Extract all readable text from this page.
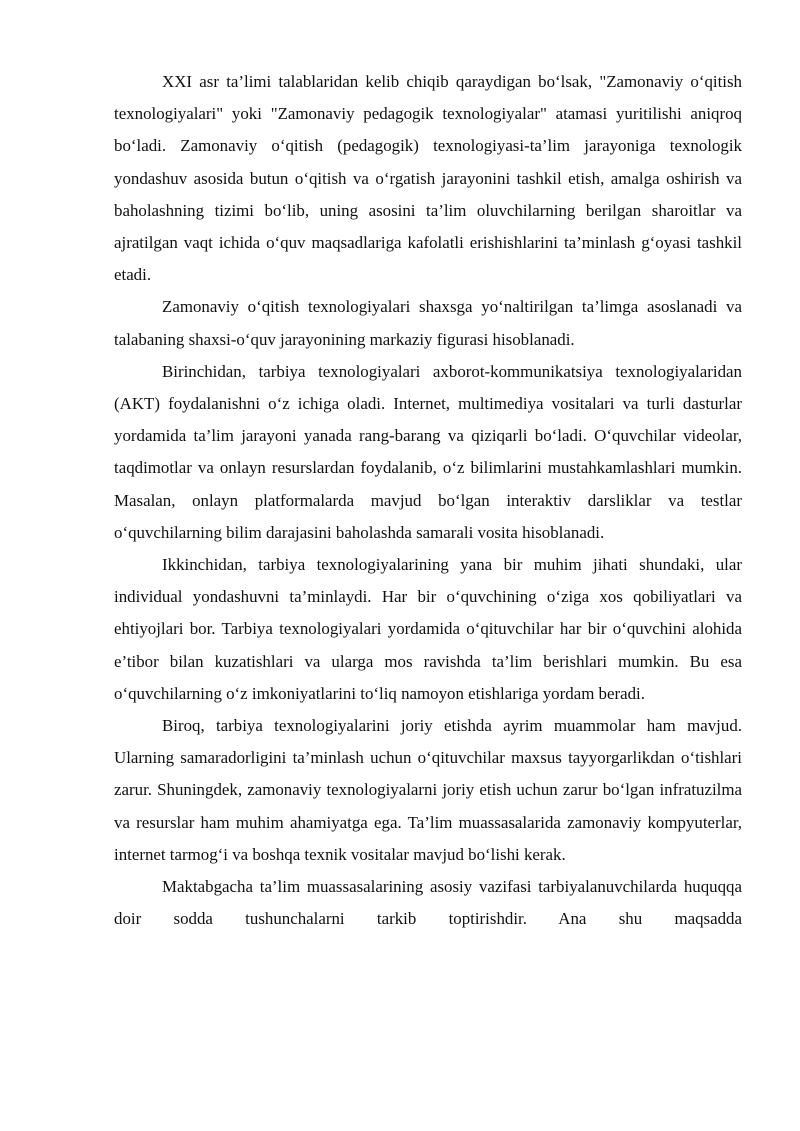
XXI asr ta’limi talablaridan kelib chiqib qaraydigan bo‘lsak, "Zamonaviy o‘qitish texnologiyalari" yoki "Zamonaviy pedagogik texnologiyalar" atamasi yuritilishi aniqroq bo‘ladi. Zamonaviy o‘qitish (pedagogik) texnologiyasi-ta’lim jarayoniga texnologik yondashuv asosida butun o‘qitish va o‘rgatish jarayonini tashkil etish, amalga oshirish va baholashning tizimi bo‘lib, uning asosini ta’lim oluvchilarning berilgan sharoitlar va ajratilgan vaqt ichida o‘quv maqsadlariga kafolatli erishishlarini ta’minlash g‘oyasi tashkil etadi.

Zamonaviy o‘qitish texnologiyalari shaxsga yo‘naltirilgan ta’limga asoslanadi va talabaning shaxsi-o‘quv jarayonining markaziy figurasi hisoblanadi.

Birinchidan, tarbiya texnologiyalari axborot-kommunikatsiya texnologiyalaridan (AKT) foydalanishni o‘z ichiga oladi. Internet, multimediya vositalari va turli dasturlar yordamida ta’lim jarayoni yanada rang-barang va qiziqarli bo‘ladi. O‘quvchilar videolar, taqdimotlar va onlayn resurslardan foydalanib, o‘z bilimlarini mustahkamlashlari mumkin. Masalan, onlayn platformalarda mavjud bo‘lgan interaktiv darsliklar va testlar o‘quvchilarning bilim darajasini baholashda samarali vosita hisoblanadi.

Ikkinchidan, tarbiya texnologiyalarining yana bir muhim jihati shundaki, ular individual yondashuvni ta’minlaydi. Har bir o‘quvchining o‘ziga xos qobiliyatlari va ehtiyojlari bor. Tarbiya texnologiyalari yordamida o‘qituvchilar har bir o‘quvchini alohida e’tibor bilan kuzatishlari va ularga mos ravishda ta’lim berishlari mumkin. Bu esa o‘quvchilarning o‘z imkoniyatlarini to‘liq namoyon etishlariga yordam beradi.

Biroq, tarbiya texnologiyalarini joriy etishda ayrim muammolar ham mavjud. Ularning samaradorligini ta’minlash uchun o‘qituvchilar maxsus tayyorgarlikdan o‘tishlari zarur. Shuningdek, zamonaviy texnologiyalarni joriy etish uchun zarur bo‘lgan infratuzilma va resurslar ham muhim ahamiyatga ega. Ta’lim muassasalarida zamonaviy kompyuterlar, internet tarmog‘i va boshqa texnik vositalar mavjud bo‘lishi kerak.

Maktabgacha ta’lim muassasalarining asosiy vazifasi tarbiyalanuvchilarda huquqqa doir sodda tushunchalarni tarkib toptirishdir. Ana shu maqsadda
